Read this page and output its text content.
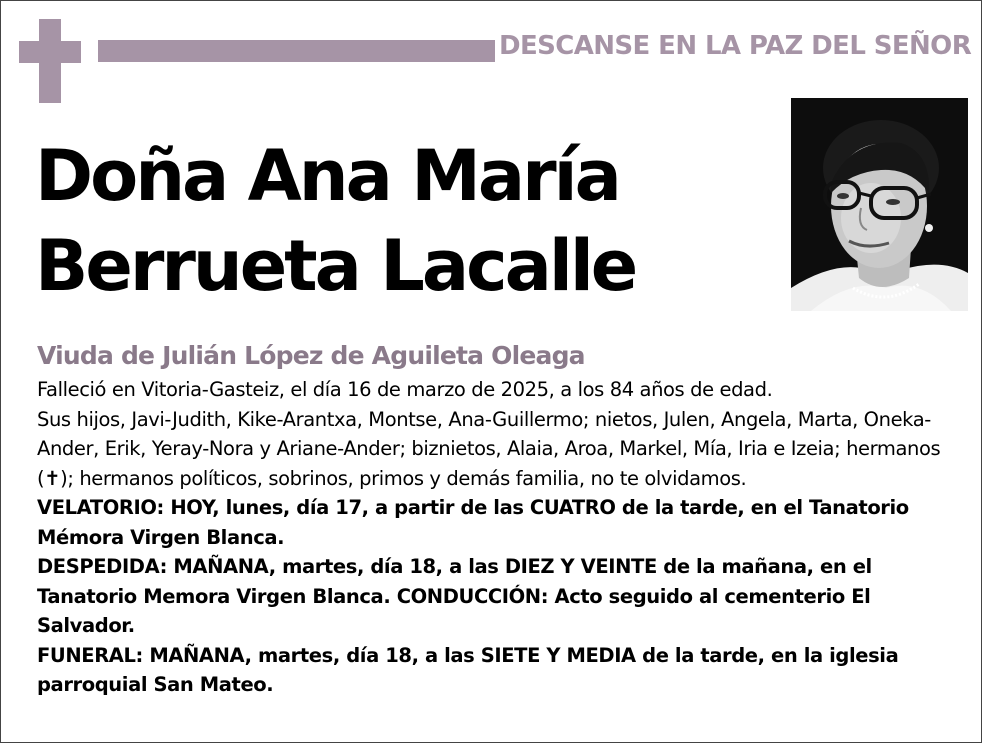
DESCANSE EN LA PAZ DEL SEÑOR
Doña Ana María
Berrueta Lacalle
Viuda de Julián López de Aguileta Oleaga

Falleció en Vitoria-Gasteiz, el día 16 de marzo de 2025, a los 84 años de edad.

Sus hijos, Javi-Judith, Kike-Arantxa, Montse, Ana-Guillermo; nietos, Julen, Angela, Marta, Oneka-Ander, Erik, Yeray-Nora y Ariane-Ander; biznietos, Alaia, Aroa, Markel, Mía, Iria e Izeia; hermanos (✝); hermanos políticos, sobrinos, primos y demás familia, no te olvidamos.

VELATORIO: HOY, lunes, día 17, a partir de las CUATRO de la tarde, en el Tanatorio Mémora Virgen Blanca.

DESPEDIDA: MAÑANA, martes, día 18, a las DIEZ Y VEINTE de la mañana, en el Tanatorio Memora Virgen Blanca. CONDUCCIÓN: Acto seguido al cementerio El Salvador.

FUNERAL: MAÑANA, martes, día 18, a las SIETE Y MEDIA de la tarde, en la iglesia parroquial San Mateo.
